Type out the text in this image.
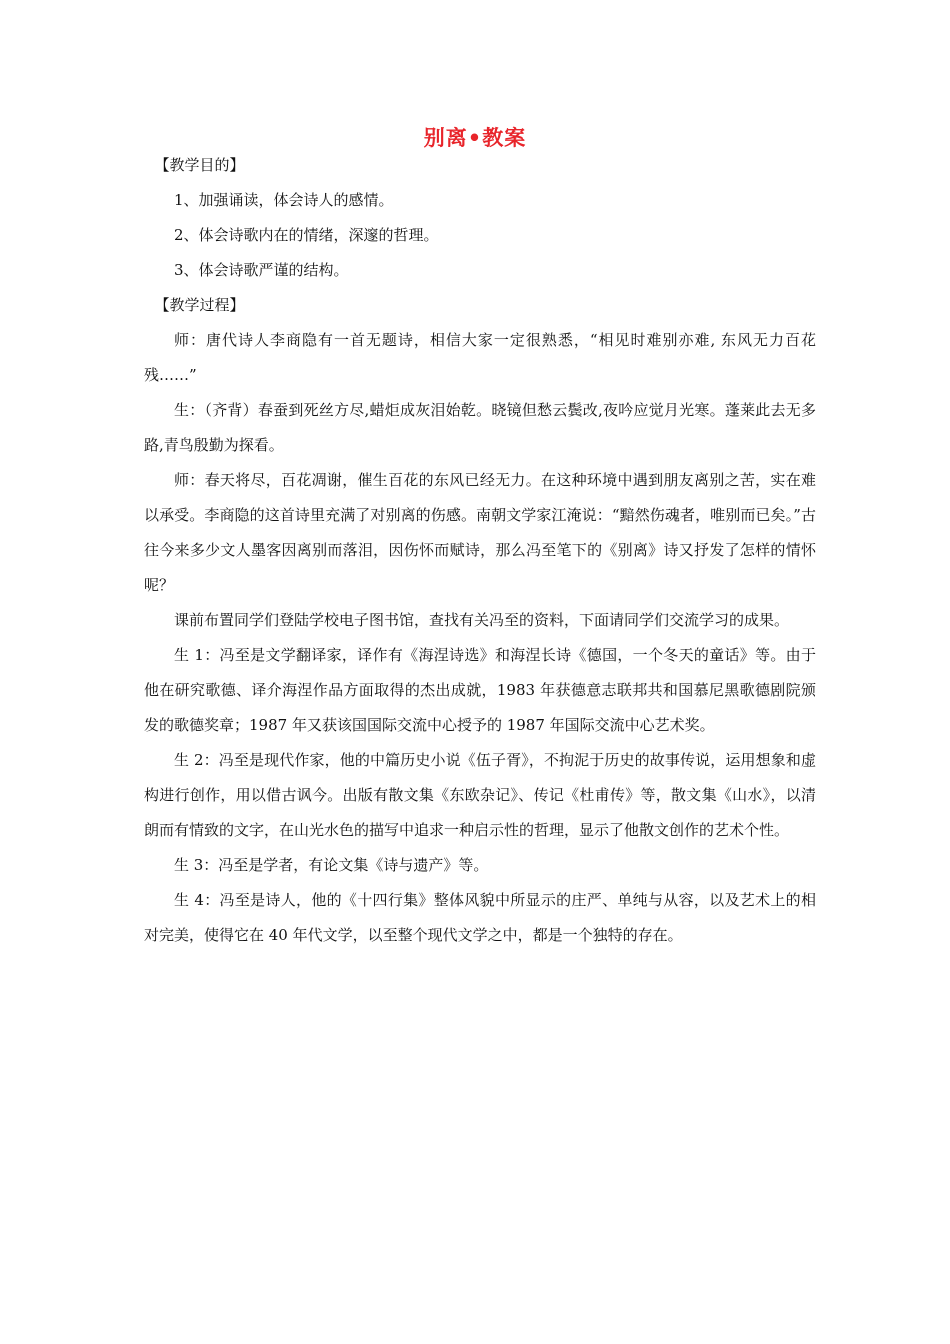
别离•教案

【教学目的】

1、加强诵读，体会诗人的感情。

2、体会诗歌内在的情绪，深邃的哲理。

3、体会诗歌严谨的结构。

【教学过程】

师：唐代诗人李商隐有一首无题诗，相信大家一定很熟悉，“相见时难别亦难, 东风无力百花残……”

生：（齐背）春蚕到死丝方尽,蜡炬成灰泪始乾。晓镜但愁云鬓改,夜吟应觉月光寒。蓬莱此去无多路,青鸟殷勤为探看。

师：春天将尽，百花凋谢，催生百花的东风已经无力。在这种环境中遇到朋友离别之苦，实在难以承受。李商隐的这首诗里充满了对别离的伤感。南朝文学家江淹说：“黯然伤魂者，唯别而已矣。”古往今来多少文人墨客因离别而落泪，因伤怀而赋诗，那么冯至笔下的《别离》诗又抒发了怎样的情怀呢？

课前布置同学们登陆学校电子图书馆，查找有关冯至的资料，下面请同学们交流学习的成果。

生 1：冯至是文学翻译家，译作有《海涅诗选》和海涅长诗《德国，一个冬天的童话》等。由于他在研究歌德、译介海涅作品方面取得的杰出成就，1983 年获德意志联邦共和国慕尼黑歌德剧院颁发的歌德奖章；1987 年又获该国国际交流中心授予的 1987 年国际交流中心艺术奖。

生 2：冯至是现代作家，他的中篇历史小说《伍子胥》，不拘泥于历史的故事传说，运用想象和虚构进行创作，用以借古讽今。出版有散文集《东欧杂记》、传记《杜甫传》等，散文集《山水》，以清朗而有情致的文字，在山光水色的描写中追求一种启示性的哲理，显示了他散文创作的艺术个性。

生 3：冯至是学者，有论文集《诗与遗产》等。

生 4：冯至是诗人，他的《十四行集》整体风貌中所显示的庄严、单纯与从容，以及艺术上的相对完美，使得它在 40 年代文学，以至整个现代文学之中，都是一个独特的存在。
